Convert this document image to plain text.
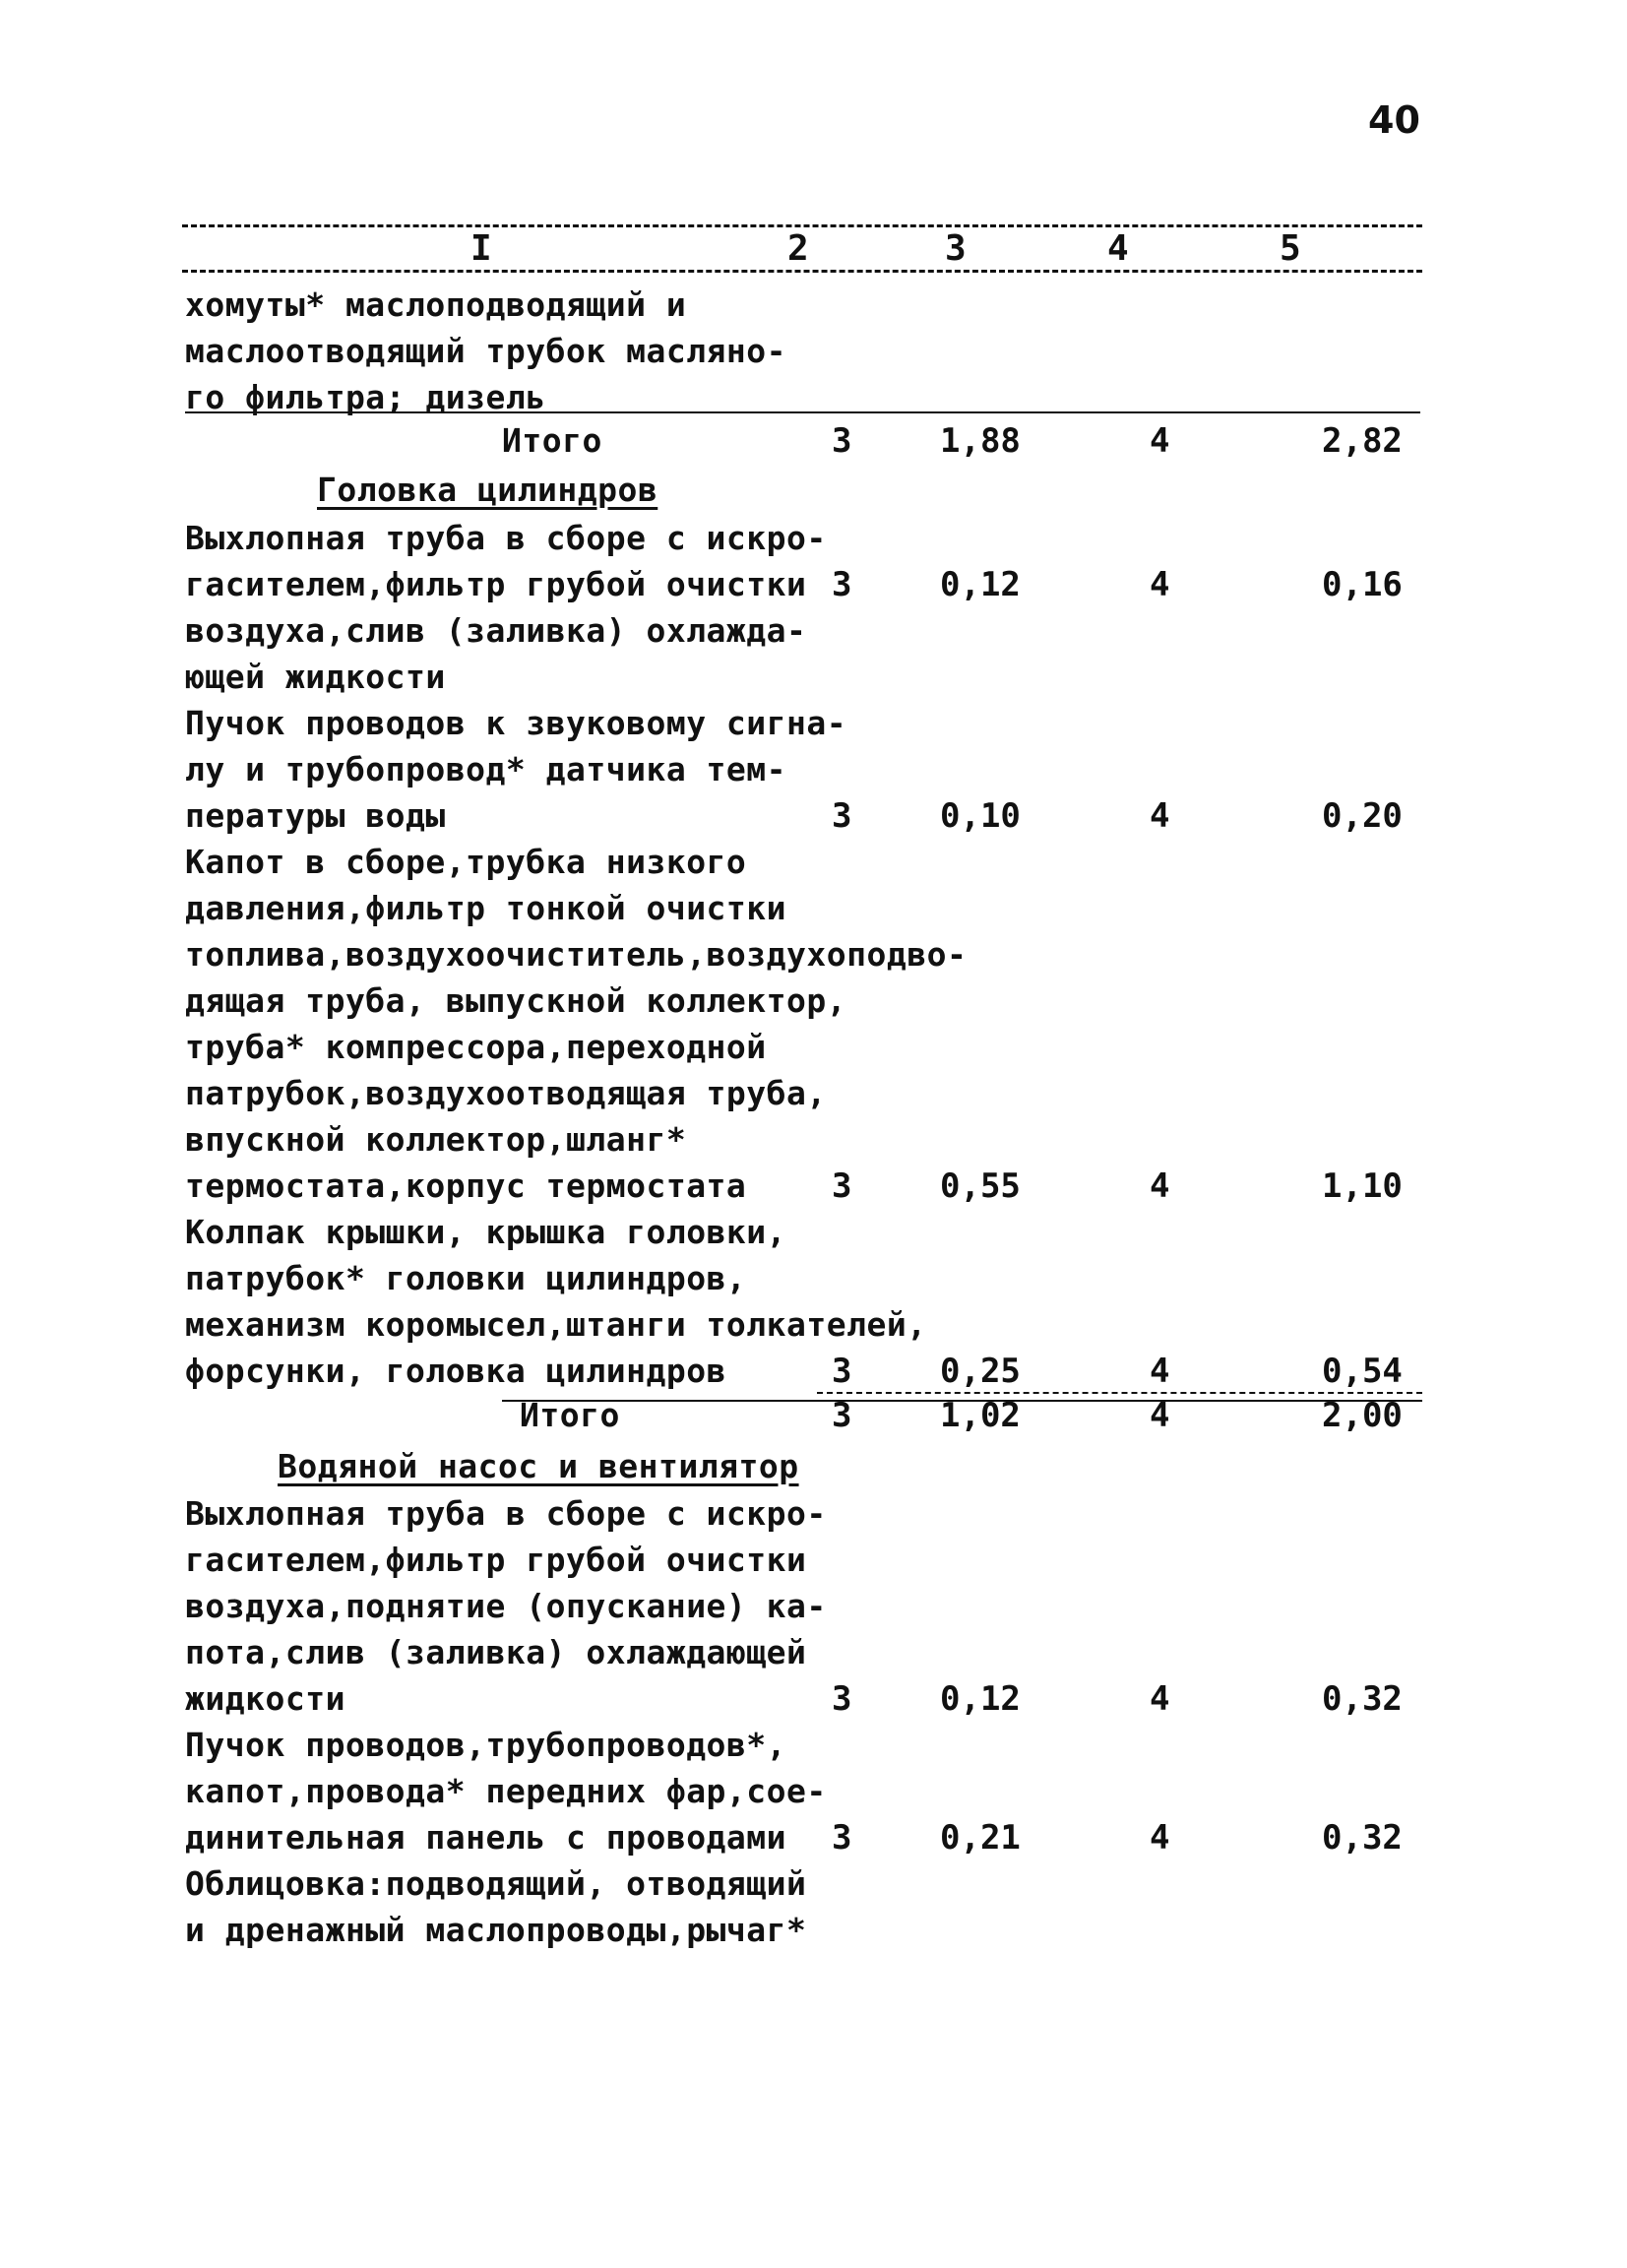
40
I	2	3	4	5
хомуты* маслоподводящий и
маслоотводящий трубок масляно-
го фильтра; дизель
Итого	3	1,88	4	2,82
Головка цилиндров
Выхлопная труба в сборе с искро-
гасителем,фильтр грубой очистки
воздуха,слив (заливка) охлажда-
ющей жидкости
3	0,12	4	0,16
Пучок проводов к звуковому сигна-
лу и трубопровод* датчика тем-
пературы воды	3	0,10	4	0,20
Капот в сборе,трубка низкого
давления,фильтр тонкой очистки
топлива,воздухоочиститель,воздухоподво-
дящая труба, выпускной коллектор,
труба* компрессора,переходной
патрубок,воздухоотводящая труба,
впускной коллектор,шланг*
термостата,корпус термостата	3	0,55	4	1,10
Колпак крышки, крышка головки,
патрубок* головки цилиндров,
механизм коромысел,штанги толкателей,
форсунки, головка цилиндров	3	0,25	4	0,54
Итого	3	1,02	4	2,00
Водяной насос и вентилятор
Выхлопная труба в сборе с искро-
гасителем,фильтр грубой очистки
воздуха,поднятие (опускание) ка-
пота,слив (заливка) охлаждающей
жидкости	3	0,12	4	0,32
Пучок проводов,трубопроводов*,
капот,провода* передних фар,сое-
динительная панель с проводами 3	0,21	4	0,32
Облицовка:подводящий, отводящий
и дренажный маслопроводы,рычаг*
